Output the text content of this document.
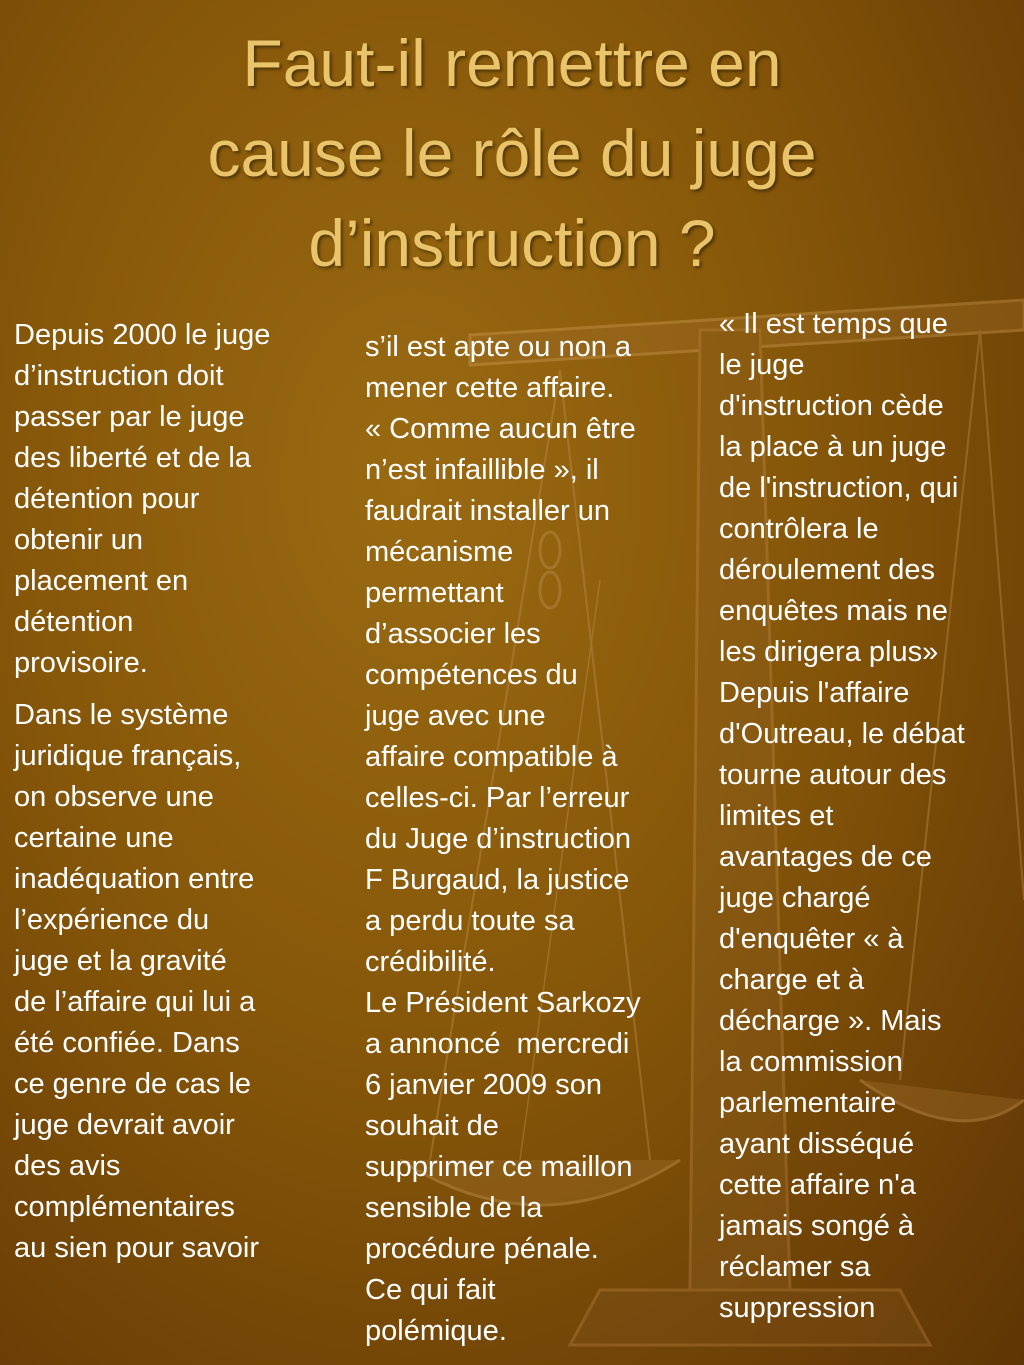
Faut-il remettre en
cause le rôle du juge
d’instruction ?

Depuis 2000 le juge
d’instruction doit
passer par le juge
des liberté et de la
détention pour
obtenir un
placement en
détention
provisoire.

Dans le système
juridique français,
on observe une
certaine une
inadéquation entre
l’expérience du
juge et la gravité
de l’affaire qui lui a
été confiée. Dans
ce genre de cas le
juge devrait avoir
des avis
complémentaires
au sien pour savoir

s’il est apte ou non a
mener cette affaire.
« Comme aucun être
n’est infaillible », il
faudrait installer un
mécanisme
permettant
d’associer les
compétences du
juge avec une
affaire compatible à
celles-ci. Par l’erreur
du Juge d’instruction
F Burgaud, la justice
a perdu toute sa
crédibilité.
Le Président Sarkozy
a annoncé  mercredi
6 janvier 2009 son
souhait de
supprimer ce maillon
sensible de la
procédure pénale.
Ce qui fait
polémique.

« Il est temps que
le juge
d'instruction cède
la place à un juge
de l'instruction, qui
contrôlera le
déroulement des
enquêtes mais ne
les dirigera plus»
Depuis l'affaire
d'Outreau, le débat
tourne autour des
limites et
avantages de ce
juge chargé
d'enquêter « à
charge et à
décharge ». Mais
la commission
parlementaire
ayant disséqué
cette affaire n'a
jamais songé à
réclamer sa
suppression
